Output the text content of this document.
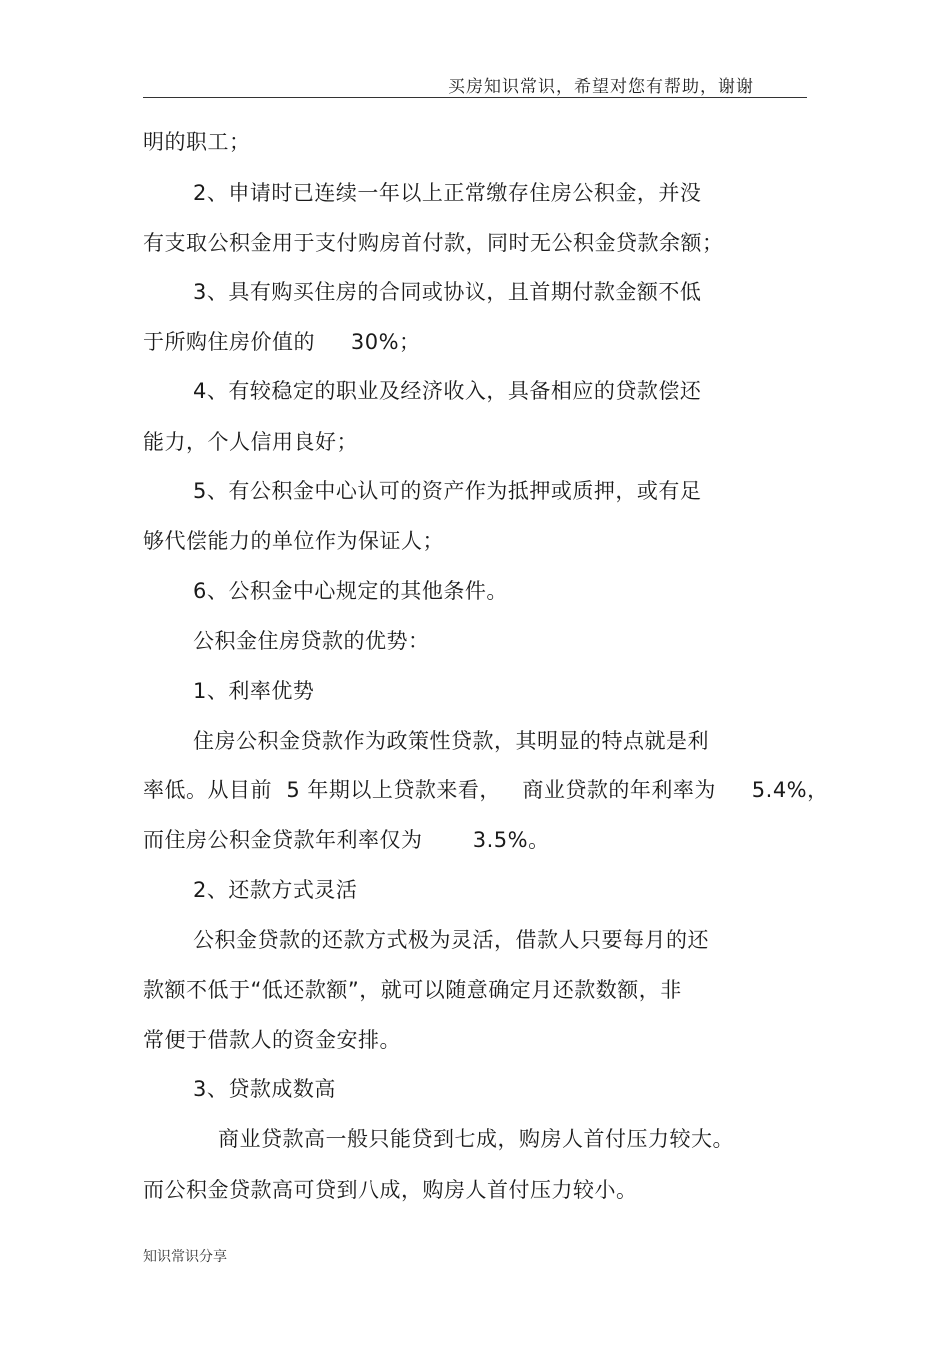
买房知识常识，希望对您有帮助，谢谢
明的职工；
2、申请时已连续一年以上正常缴存住房公积金，并没
有支取公积金用于支付购房首付款，同时无公积金贷款余额；
3、具有购买住房的合同或协议，且首期付款金额不低
于所购住房价值的     30%；
4、有较稳定的职业及经济收入，具备相应的贷款偿还
能力，个人信用良好；
5、有公积金中心认可的资产作为抵押或质押，或有足
够代偿能力的单位作为保证人；
6、公积金中心规定的其他条件。
公积金住房贷款的优势：
1、利率优势
住房公积金贷款作为政策性贷款，其明显的特点就是利
率低。从目前  5 年期以上贷款来看，   商业贷款的年利率为     5.4%，
而住房公积金贷款年利率仅为       3.5%。
2、还款方式灵活
公积金贷款的还款方式极为灵活，借款人只要每月的还
款额不低于“低还款额”，就可以随意确定月还款数额，非
常便于借款人的资金安排。
3、贷款成数高
商业贷款高一般只能贷到七成，购房人首付压力较大。
而公积金贷款高可贷到八成，购房人首付压力较小。
知识常识分享
